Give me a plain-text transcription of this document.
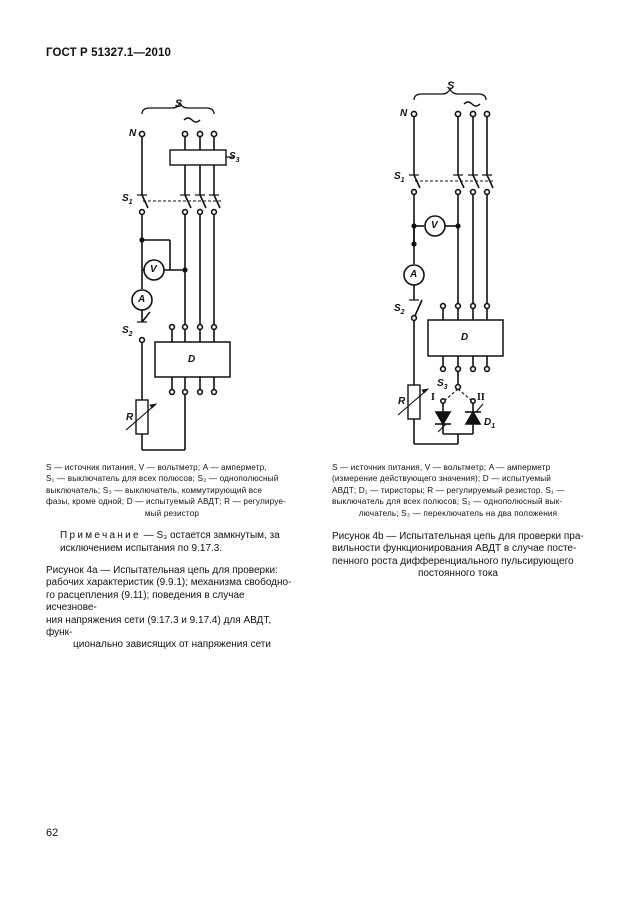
ГОСТ Р 51327.1—2010
S
N
$S_3$
$S_1$
V
A
$S_2$
D
R
S
N
$S_1$
V
A
$S_2$
D
$S_3$
R	I	II
$D_1$

S — источник питания, V — вольтметр; A — амперметр,

S₁ — выключатель для всех полюсов; S₂ — однополюсный

выключатель; S₃ — выключатель, коммутирующий все

фазы, кроме одной; D — испытуемый АВДТ; R — регулируе-

мый резистор

S — источник питания, V — вольтметр; A — амперметр

(измерение действующего значения); D — испытуемый

АВДТ; D₁ — тиристоры; R — регулируемый резистор. S₁ —

выключатель для всех полюсов; S₂ — однополюсный вык-

лючатель; S₃ — переключатель на два положения

Примечание — S₃ остается замкнутым, за исключением испытания по 9.17.3.

Рисунок 4a — Испытательная цепь для проверки:

рабочих характеристик (9.9.1); механизма свободно-

го расцепления (9.11); поведения в случае исчезнове-

ния напряжения сети (9.17.3 и 9.17.4) для АВДТ, функ-

ционально зависящих от напряжения сети

Рисунок 4b — Испытательная цепь для проверки пра-

вильности функционирования АВДТ в случае посте-

пенного роста дифференциального пульсирующего

постоянного тока

62
